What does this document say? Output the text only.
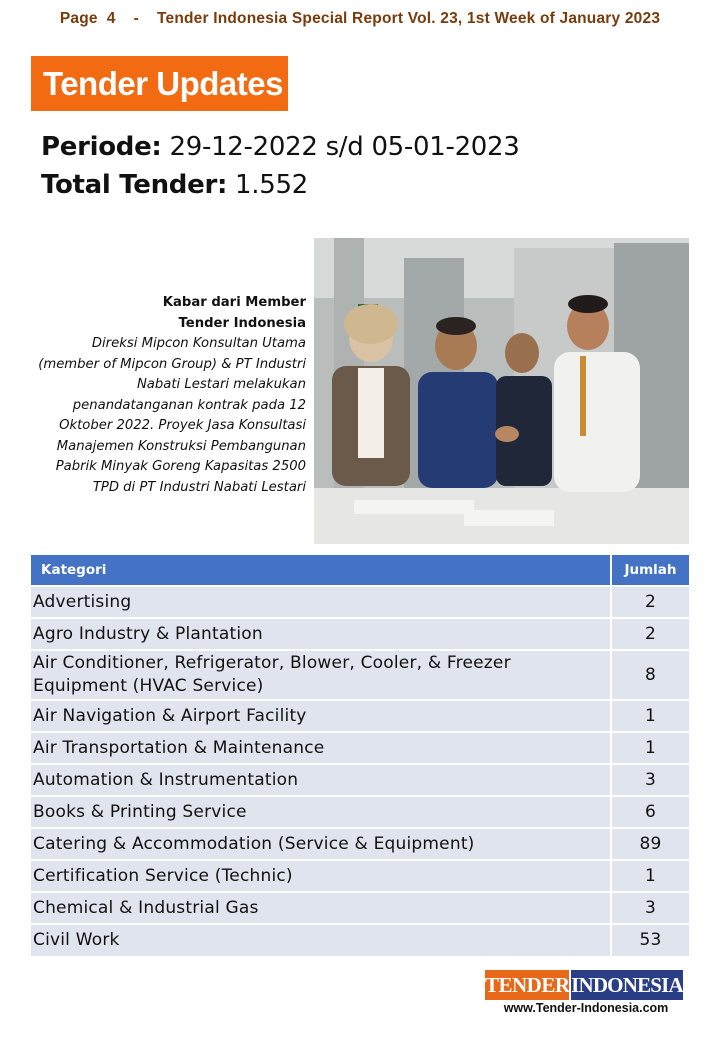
Page 4 - Tender Indonesia Special Report Vol. 23, 1st Week of January 2023
Tender Updates
Periode: 29-12-2022 s/d 05-01-2023
Total Tender: 1.552
Kabar dari Member
Tender Indonesia
Direksi Mipcon Konsultan Utama (member of Mipcon Group) & PT Industri Nabati Lestari melakukan penandatanganan kontrak pada 12 Oktober 2022. Proyek Jasa Konsultasi Manajemen Konstruksi Pembangunan Pabrik Minyak Goreng Kapasitas 2500 TPD di PT Industri Nabati Lestari
Kategori	Jumlah
Advertising	2
Agro Industry & Plantation	2
Air Conditioner, Refrigerator, Blower, Cooler, & Freezer Equipment (HVAC Service)	8
Air Navigation & Airport Facility	1
Air Transportation & Maintenance	1
Automation & Instrumentation	3
Books & Printing Service	6
Catering & Accommodation (Service & Equipment)	89
Certification Service (Technic)	1
Chemical & Industrial Gas	3
Civil Work	53
TENDER INDONESIA
www.Tender-Indonesia.com
